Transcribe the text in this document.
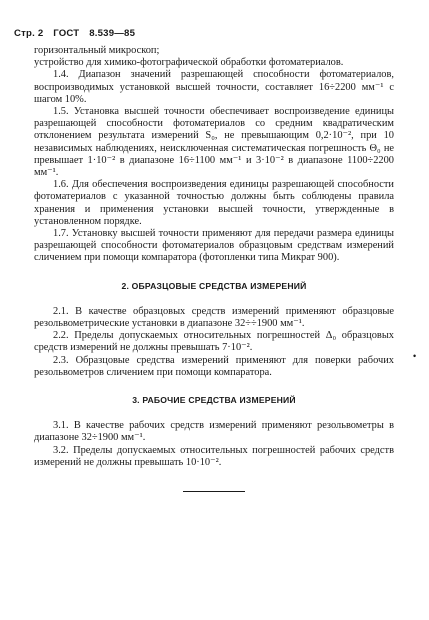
Стр. 2 ГОСТ 8.539—85

горизонтальный микроскоп;

устройство для химико-фотографической обработки фотоматериалов.

1.4. Диапазон значений разрешающей способности фотоматериалов, воспроизводимых установкой высшей точности, составляет 16÷2200 мм⁻¹ с шагом 10%.

1.5. Установка высшей точности обеспечивает воспроизведение единицы разрешающей способности фотоматериалов со средним квадратическим отклонением результата измерений S₀, не превышающим 0,2·10⁻², при 10 независимых наблюдениях, неисключенная систематическая погрешность Θ₀ не превышает 1·10⁻² в диапазоне 16÷1100 мм⁻¹ и 3·10⁻² в диапазоне 1100÷2200 мм⁻¹.

1.6. Для обеспечения воспроизведения единицы разрешающей способности фотоматериалов с указанной точностью должны быть соблюдены правила хранения и применения установки высшей точности, утвержденные в установленном порядке.

1.7. Установку высшей точности применяют для передачи размера единицы разрешающей способности фотоматериалов образцовым средствам измерений сличением при помощи компаратора (фотопленки типа Микрат 900).

2. ОБРАЗЦОВЫЕ СРЕДСТВА ИЗМЕРЕНИЙ

2.1. В качестве образцовых средств измерений применяют образцовые резольвометрические установки в диапазоне 32÷÷1900 мм⁻¹.

2.2. Пределы допускаемых относительных погрешностей Δ₀ образцовых средств измерений не должны превышать 7·10⁻².

2.3. Образцовые средства измерений применяют для поверки рабочих резольвометров сличением при помощи компаратора.

3. РАБОЧИЕ СРЕДСТВА ИЗМЕРЕНИЙ

3.1. В качестве рабочих средств измерений применяют резольвометры в диапазоне 32÷1900 мм⁻¹.

3.2. Пределы допускаемых относительных погрешностей рабочих средств измерений не должны превышать 10·10⁻².

•
